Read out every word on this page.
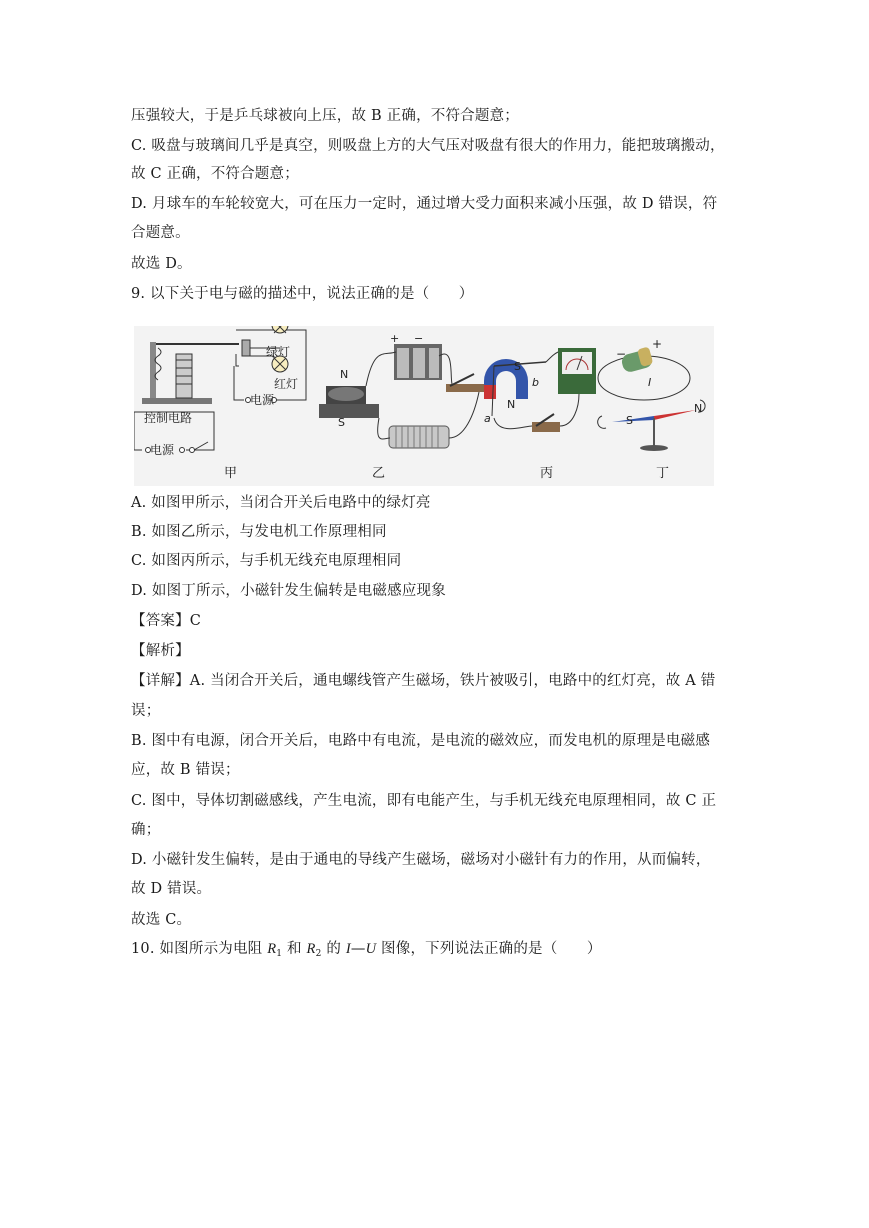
压强较大，于是乒乓球被向上压，故 B 正确，不符合题意；
C. 吸盘与玻璃间几乎是真空，则吸盘上方的大气压对吸盘有很大的作用力，能把玻璃搬动，
故 C 正确，不符合题意；
D. 月球车的车轮较宽大，可在压力一定时，通过增大受力面积来减小压强，故 D 错误，符
合题意。
故选 D。
9. 以下关于电与磁的描述中，说法正确的是（　　）
绿灯
红灯
电源
控制电路
电源
N
S
+ −
S
N
a
b
−
+
I
S
N
甲	乙	丙	丁
A. 如图甲所示，当闭合开关后电路中的绿灯亮
B. 如图乙所示，与发电机工作原理相同
C. 如图丙所示，与手机无线充电原理相同
D. 如图丁所示，小磁针发生偏转是电磁感应现象
【答案】C
【解析】
【详解】A. 当闭合开关后，通电螺线管产生磁场，铁片被吸引，电路中的红灯亮，故 A 错
误；
B. 图中有电源，闭合开关后，电路中有电流，是电流的磁效应，而发电机的原理是电磁感
应，故 B 错误；
C. 图中，导体切割磁感线，产生电流，即有电能产生，与手机无线充电原理相同，故 C 正
确；
D. 小磁针发生偏转，是由于通电的导线产生磁场，磁场对小磁针有力的作用，从而偏转，
故 D 错误。
故选 C。
10. 如图所示为电阻 $R_1$ 和 $R_2$ 的 I—U 图像，下列说法正确的是（　　）
